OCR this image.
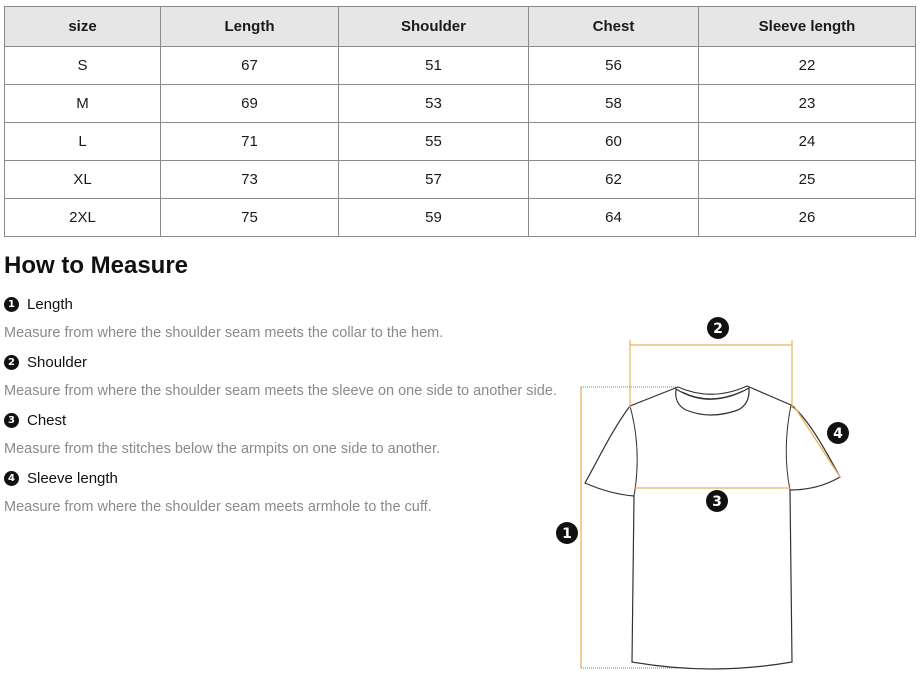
size	Length	Shoulder	Chest	Sleeve length
S	67	51	56	22
M	69	53	58	23
L	71	55	60	24
XL	73	57	62	25
2XL	75	59	64	26
How to Measure
1 Length
Measure from where the shoulder seam meets the collar to the hem.
2 Shoulder
Measure from where the shoulder seam meets the sleeve on one side to another side.
3 Chest
Measure from the stitches below the armpits on one side to another.
4 Sleeve length
Measure from where the shoulder seam meets armhole to the cuff.
1
2
3
4
